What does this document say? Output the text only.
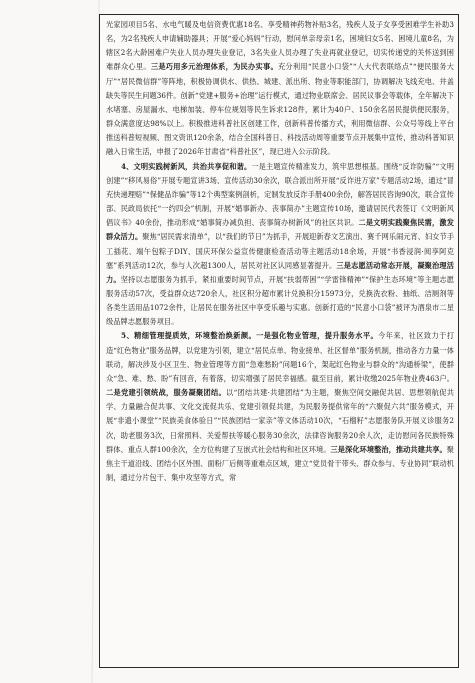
光家园项目5名、水电气暖及电信资费优惠18名、享受精神药物补贴3名，残疾人及子女享受困难学生补助3名，为2名残疾人申请辅助器具；开展“爱心妈妈”行动，慰问单亲母亲1名，困境妇女5名、困境儿童8名，为辖区2名大龄困难户失业人员办理失业登记，3名失业人员办理了失业再就业登记，切实传递党的关怀送到困难群众心里。三是巧用多元治理体系，为民办实事。充分利用“民意小口袋”“人大代表联络点”“便民服务大厅”“居民微信群”等阵地，积极协调供水、供热、城建、派出所、物业等职能部门，协调解决飞线充电、井盖缺失等民生问题36件。创新“党建+服务+治理”运行模式，通过物业联席会、居民议事会等载体，全年解决下水堵塞、房屋漏水、电梯加装、停车位规划等民生诉求128件，累计为40户、150余名居民提供便民服务，群众满意度达98%以上。积极推进科普社区创建工作，创新科普传播方式，利用微信群、公众号等线上平台推送科普短视频、图文资讯120余条，结合全国科普日、科技活动周等重要节点开展集中宣传，推动科普知识融入日常生活，申报了2026年甘肃省“科普社区”，现已进入公示阶段。

4、文明实践树新风，共治共享促和谐。一是主题宣传精准发力，筑牢思想根基。围绕“反诈防骗”“文明创建”“移风易俗”开展专题宣讲3场、宣传活动30余次，联合派出所开展“反诈进万家”专题活动2场，通过“冒充快递理赔”“保健品诈骗”等12个典型案例剖析，定制发放反诈手册400余份，解答居民咨询90次，联合宣传部、民政局依托“一约四会”机制，开展“婚事新办、丧事简办”主题宣传10场，邀请居民代表签订《文明新风倡议书》40余份，推动形成“婚事简办减负担、丧事简办树新风”的社区共识。二是文明实践聚焦民需，激发群众活力。聚焦“居民需求清单”，以“我们的节日”为抓手，开展迎新春文艺演出、赛千网乐闹元宵、妇女节手工插花、端午包粽子DIY、国庆环保公益宣传健康检查活动等主题活动18余场，开展“书香浸润·阅享阿克塞”系列活动12次，参与人次超1300人，居民对社区认同感显著提升。三是志愿活动常态开展，凝聚治理活力。坚持以志愿服务为抓手，紧扣重要时间节点，开展“扶弱帮困”“学雷锋精神”“保护生态环境”等主题志愿服务活动57次，受益群众达720余人，社区积分超市累计兑换积分15973分，兑换洗衣粉、抽纸、洁厕剂等各类生活用品1072余件，让居民在服务社区中享受乐趣与实惠。创新打造的“民意小口袋”被评为酒泉市二星级品牌志愿服务项目。

5、精细管理提质效，环境整治焕新颜。一是强化物业管理，提升服务水平。今年来，社区致力于打造“红色物业”服务品牌，以党建为引领，建立“居民点单、物业接单、社区督单”服务机制，推动各方力量一体联动，解决涉及小区卫生、物业管理等方面“急难愁盼”问题16个，架起红色物业与群众的“沟通桥梁”，使群众“急、难、愁、盼”有回音，有着落，切实增强了居民幸福感。截至目前，累计收缴2025年物业费463户。二是党建引领统战，服务凝聚团结。以“团结共建·共建团结”为主题，聚焦空间交融促共居、思想领航促共学、力量融合促共事、文化交流促共乐、党建引领促共建，为民服务提供常年的“六聚促六共”服务模式，开展“非遗小课堂”“民族美食体验日”“民族团结一家亲”等文体活动10次，“石榴籽”志愿服务队开展义诊服务2次，助老服务3次，日常照料、关爱帮扶等暖心服务30余次，法律咨询服务20余人次，走访慰问各民族特殊群体、重点人群100余次，全方位构建了互嵌式社会结构和社区环境。三是深化环境整治，推动共建共享。聚焦主干道沿线、团结小区外围、面粉厂后侧等重难点区域，建立“党员骨干带头、群众参与、专业协同”联动机制，通过分片包干、集中攻坚等方式，常
